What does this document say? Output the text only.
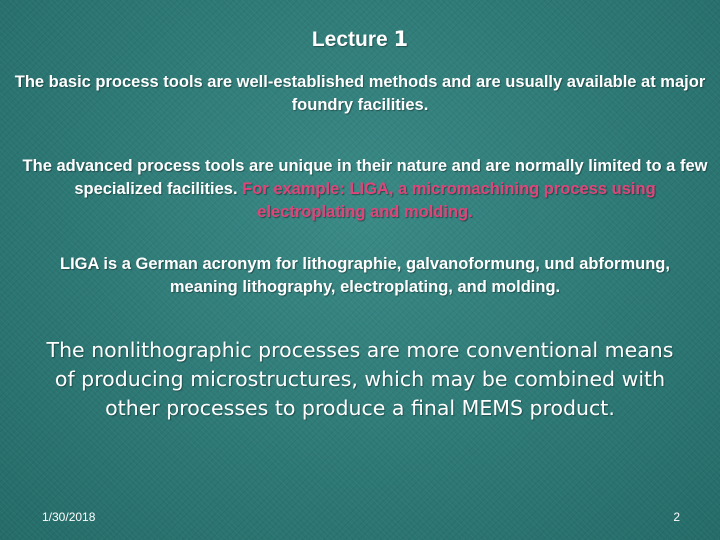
Lecture 1
The basic process tools are well-established methods and are usually available at major foundry facilities.
The advanced process tools are unique in their nature and are normally limited to a few specialized facilities. For example: LIGA, a micromachining process using electroplating and molding.
LIGA is a German acronym for lithographie, galvanoformung, und abformung, meaning lithography, electroplating, and molding.
The nonlithographic processes are more conventional means of producing microstructures, which may be combined with other processes to produce a final MEMS product.
1/30/2018	2
